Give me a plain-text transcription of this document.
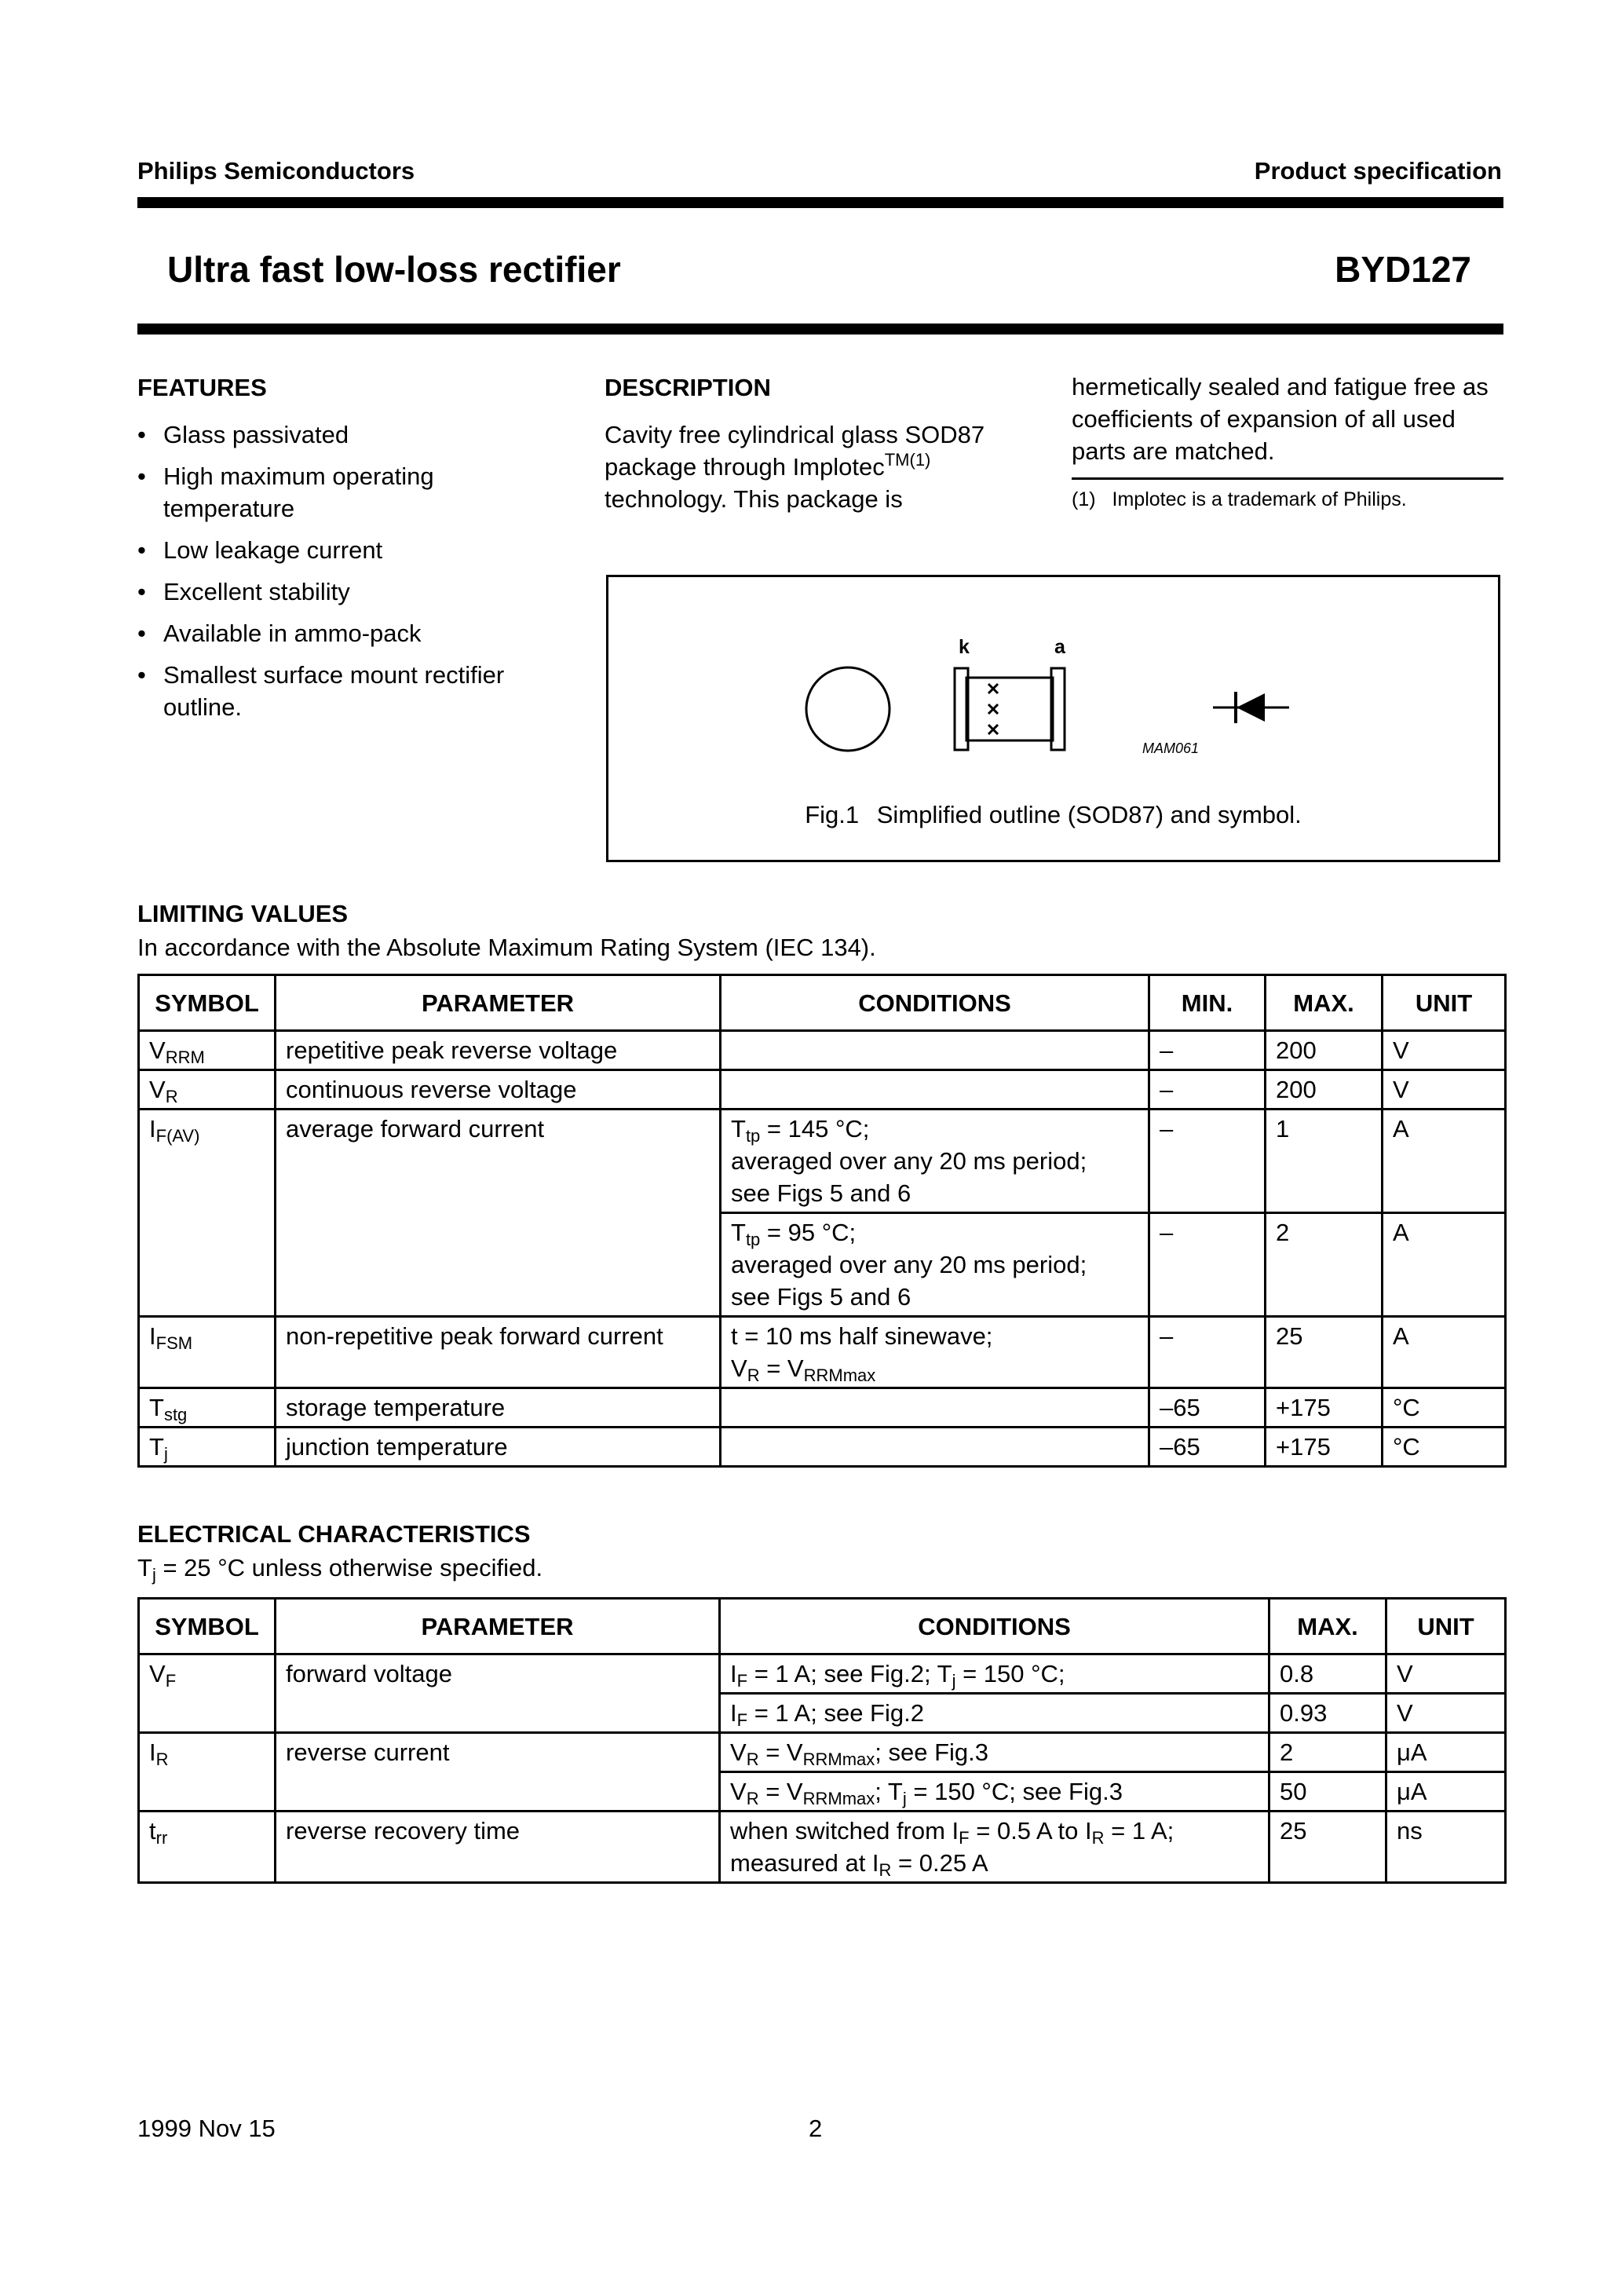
Philips Semiconductors	Product specification
Ultra fast low-loss rectifier	BYD127
FEATURES
• Glass passivated
• High maximum operating temperature
• Low leakage current
• Excellent stability
• Available in ammo-pack
• Smallest surface mount rectifier outline.
DESCRIPTION
Cavity free cylindrical glass SOD87 package through Implotec$^{TM(1)}$ technology. This package is
hermetically sealed and fatigue free as coefficients of expansion of all used parts are matched.
(1) Implotec is a trademark of Philips.
k	a
MAM061
Fig.1 Simplified outline (SOD87) and symbol.
LIMITING VALUES
In accordance with the Absolute Maximum Rating System (IEC 134).
SYMBOL	PARAMETER	CONDITIONS	MIN.	MAX.	UNIT
$V_{RRM}$	repetitive peak reverse voltage		–	200	V
$V_R$	continuous reverse voltage		–	200	V
$I_{F(AV)}$	average forward current	$T_{tp} = 145$ °C;
averaged over any 20 ms period;
see Figs 5 and 6	–	1	A

		$T_{tp} = 95$ °C;
averaged over any 20 ms period;
see Figs 5 and 6	–	2	A
$I_{FSM}$	non-repetitive peak forward current	t = 10 ms half sinewave;
$V_R = V_{RRMmax}$	–	25	A
$T_{stg}$	storage temperature		–65	+175	°C
$T_j$	junction temperature		–65	+175	°C
ELECTRICAL CHARACTERISTICS
$T_j = 25$ °C unless otherwise specified.
SYMBOL	PARAMETER	CONDITIONS	MAX.	UNIT
$V_F$	forward voltage	$I_F = 1$ A; see Fig.2; $T_j = 150$ °C;	0.8	V
		$I_F = 1$ A; see Fig.2	0.93	V
$I_R$	reverse current	$V_R = V_{RRMmax}$; see Fig.3	2	μA
		$V_R = V_{RRMmax}$; $T_j = 150$ °C; see Fig.3	50	μA
$t_{rr}$	reverse recovery time	when switched from $I_F = 0.5$ A to $I_R = 1$ A;
measured at $I_R = 0.25$ A	25	ns
1999 Nov 15	2
